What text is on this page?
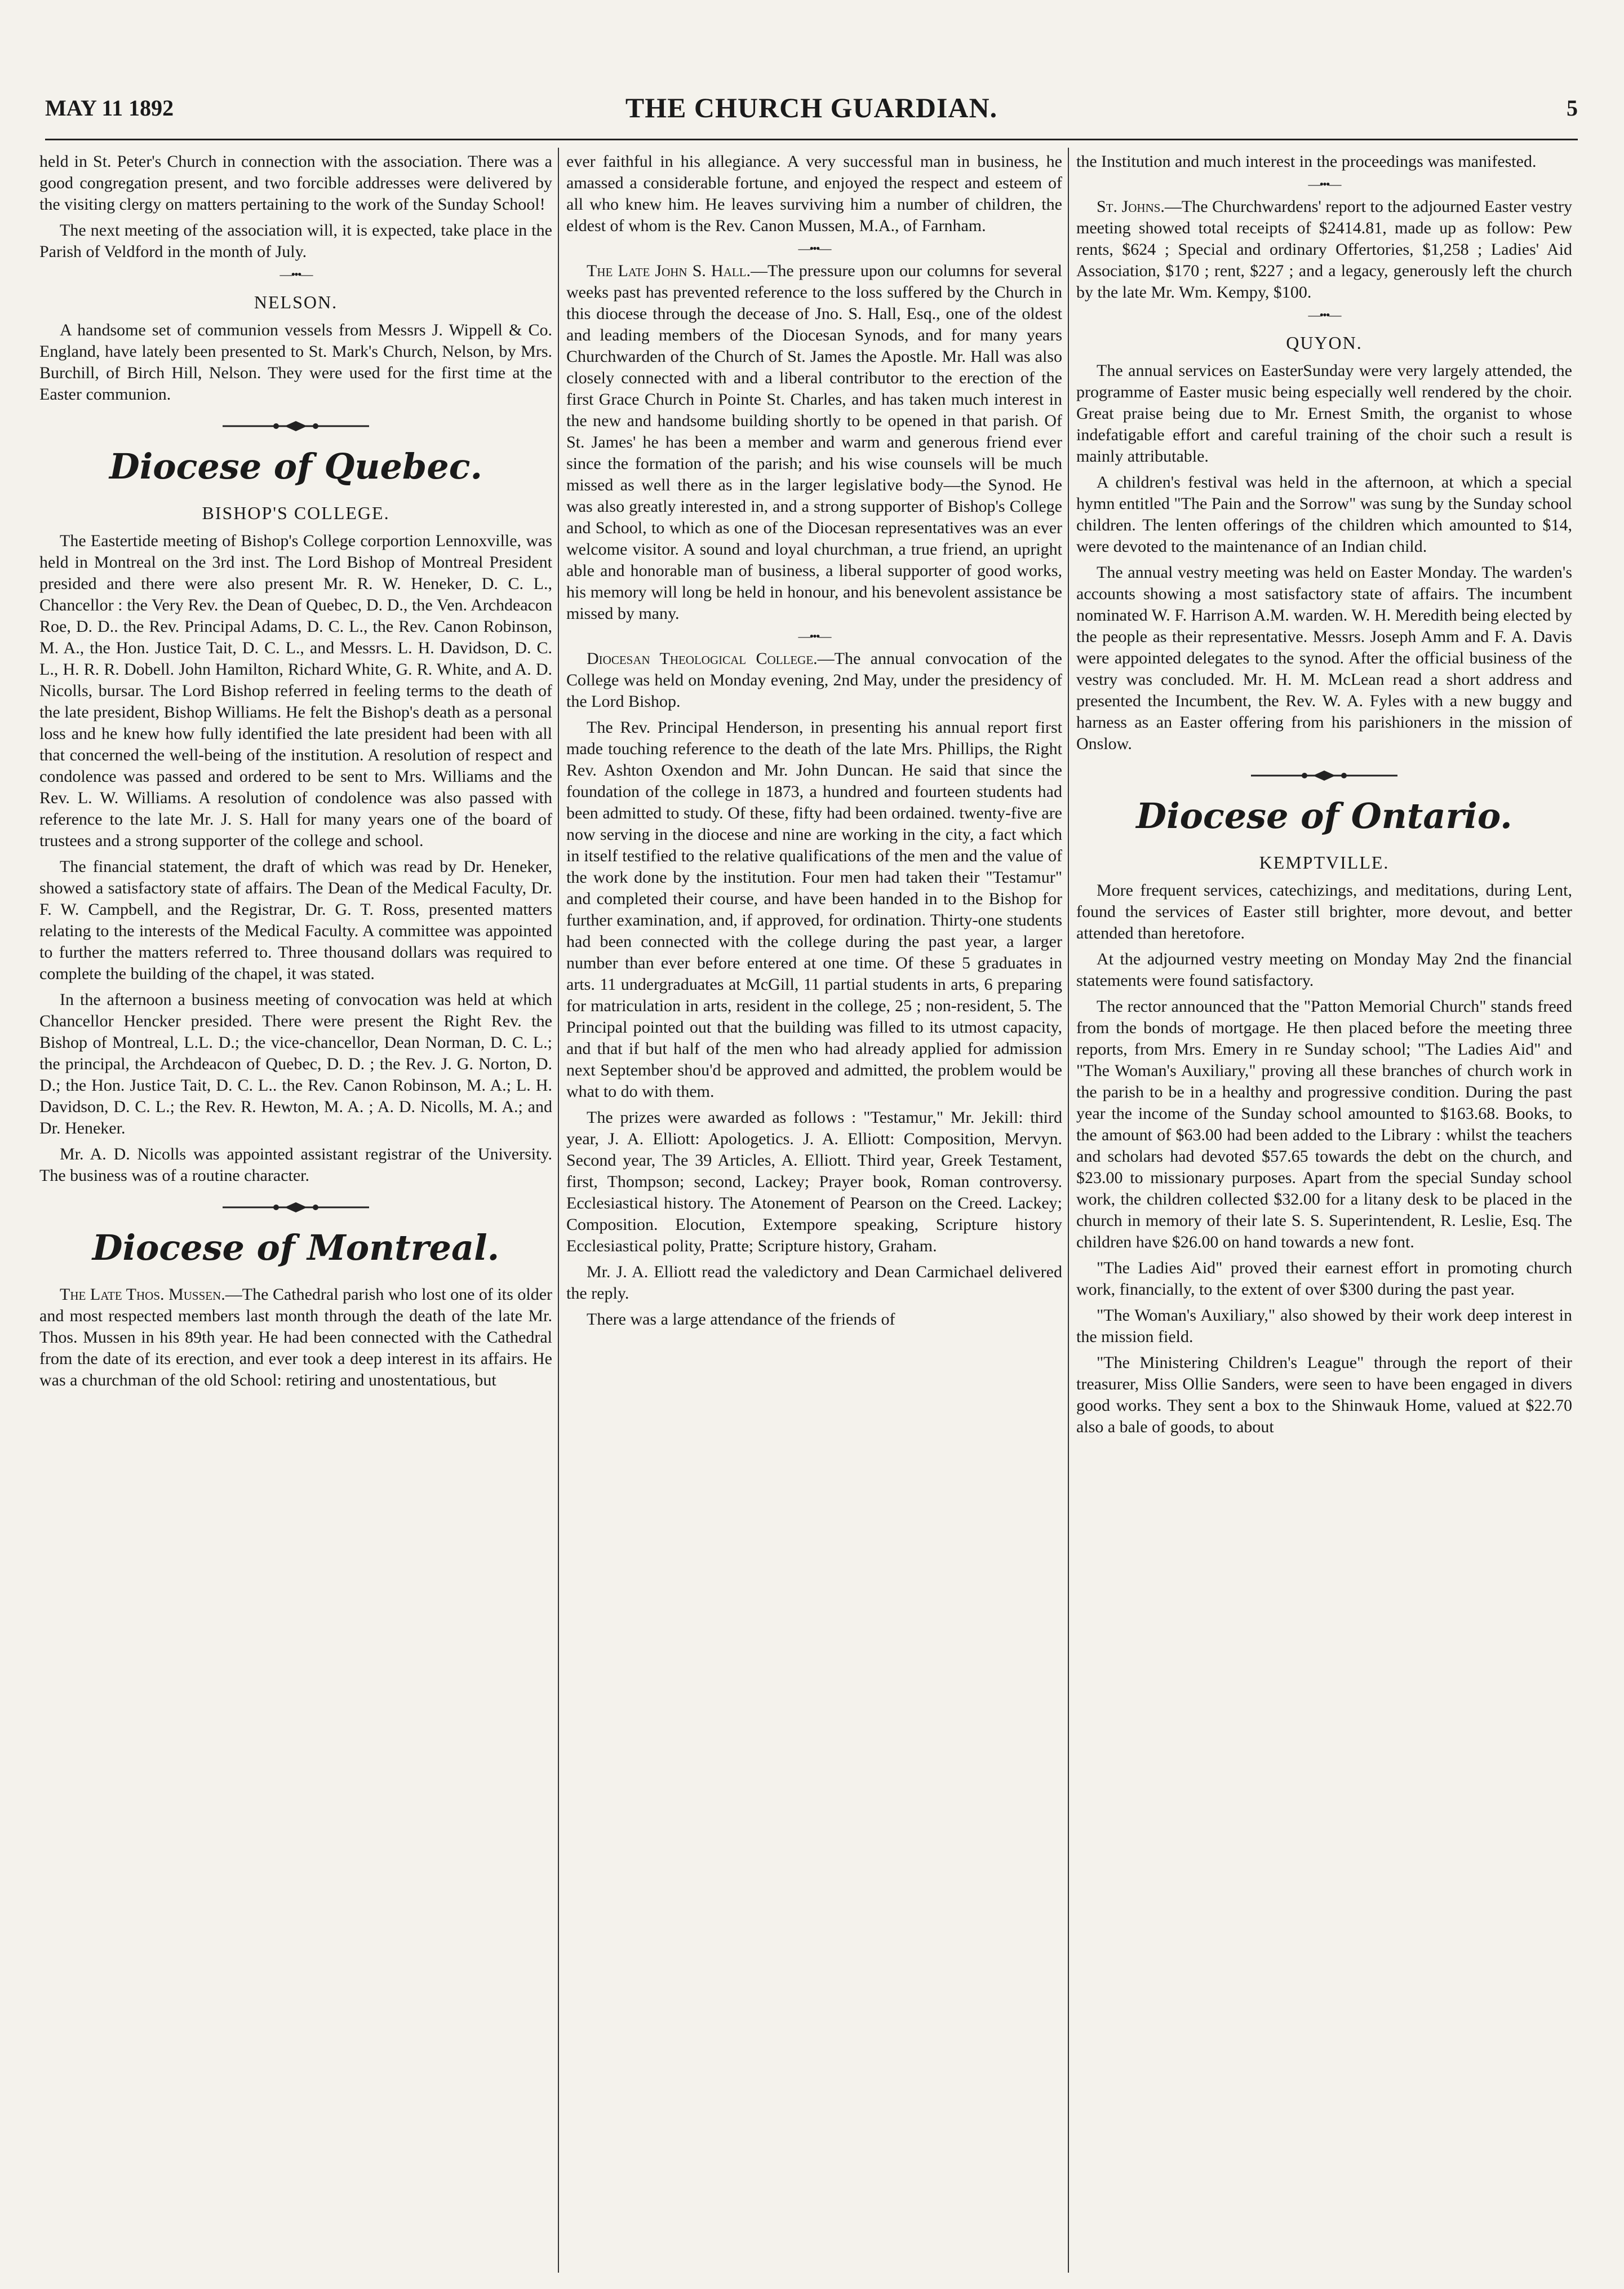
MAY 11 1892	THE CHURCH GUARDIAN.	5

held in St. Peter's Church in connection with the association. There was a good congregation present, and two forcible addresses were delivered by the visiting clergy on matters pertaining to the work of the Sunday School!

The next meeting of the association will, it is expected, take place in the Parish of Veldford in the month of July.

—•••—
NELSON.

A handsome set of communion vessels from Messrs J. Wippell & Co. England, have lately been presented to St. Mark's Church, Nelson, by Mrs. Burchill, of Birch Hill, Nelson. They were used for the first time at the Easter communion.

Diocese of Quebec.
BISHOP'S COLLEGE.

The Eastertide meeting of Bishop's College corportion Lennoxville, was held in Montreal on the 3rd inst. The Lord Bishop of Montreal President presided and there were also present Mr. R. W. Heneker, D. C. L., Chancellor : the Very Rev. the Dean of Quebec, D. D., the Ven. Archdeacon Roe, D. D.. the Rev. Principal Adams, D. C. L., the Rev. Canon Robinson, M. A., the Hon. Justice Tait, D. C. L., and Messrs. L. H. Davidson, D. C. L., H. R. R. Dobell. John Hamilton, Richard White, G. R. White, and A. D. Nicolls, bursar. The Lord Bishop referred in feeling terms to the death of the late president, Bishop Williams. He felt the Bishop's death as a personal loss and he knew how fully identified the late president had been with all that concerned the well-being of the institution. A resolution of respect and condolence was passed and ordered to be sent to Mrs. Williams and the Rev. L. W. Williams. A resolution of condolence was also passed with reference to the late Mr. J. S. Hall for many years one of the board of trustees and a strong supporter of the college and school.

The financial statement, the draft of which was read by Dr. Heneker, showed a satisfactory state of affairs. The Dean of the Medical Faculty, Dr. F. W. Campbell, and the Registrar, Dr. G. T. Ross, presented matters relating to the interests of the Medical Faculty. A committee was appointed to further the matters referred to. Three thousand dollars was required to complete the building of the chapel, it was stated.

In the afternoon a business meeting of convocation was held at which Chancellor Hencker presided. There were present the Right Rev. the Bishop of Montreal, L.L. D.; the vice-chancellor, Dean Norman, D. C. L.; the principal, the Archdeacon of Quebec, D. D. ; the Rev. J. G. Norton, D. D.; the Hon. Justice Tait, D. C. L.. the Rev. Canon Robinson, M. A.; L. H. Davidson, D. C. L.; the Rev. R. Hewton, M. A. ; A. D. Nicolls, M. A.; and Dr. Heneker.

Mr. A. D. Nicolls was appointed assistant registrar of the University. The business was of a routine character.

Diocese of Montreal.

The Late Thos. Mussen.—The Cathedral parish who lost one of its older and most respected members last month through the death of the late Mr. Thos. Mussen in his 89th year. He had been connected with the Cathedral from the date of its erection, and ever took a deep interest in its affairs. He was a churchman of the old School: retiring and unostentatious, but

ever faithful in his allegiance. A very successful man in business, he amassed a considerable fortune, and enjoyed the respect and esteem of all who knew him. He leaves surviving him a number of children, the eldest of whom is the Rev. Canon Mussen, M.A., of Farnham.

—•••—

The Late John S. Hall.—The pressure upon our columns for several weeks past has prevented reference to the loss suffered by the Church in this diocese through the decease of Jno. S. Hall, Esq., one of the oldest and leading members of the Diocesan Synods, and for many years Churchwarden of the Church of St. James the Apostle. Mr. Hall was also closely connected with and a liberal contributor to the erection of the first Grace Church in Pointe St. Charles, and has taken much interest in the new and handsome building shortly to be opened in that parish. Of St. James' he has been a member and warm and generous friend ever since the formation of the parish; and his wise counsels will be much missed as well there as in the larger legislative body—the Synod. He was also greatly interested in, and a strong supporter of Bishop's College and School, to which as one of the Diocesan representatives was an ever welcome visitor. A sound and loyal churchman, a true friend, an upright able and honorable man of business, a liberal supporter of good works, his memory will long be held in honour, and his benevolent assistance be missed by many.

—•••—

Diocesan Theological College.—The annual convocation of the College was held on Monday evening, 2nd May, under the presidency of the Lord Bishop.

The Rev. Principal Henderson, in presenting his annual report first made touching reference to the death of the late Mrs. Phillips, the Right Rev. Ashton Oxendon and Mr. John Duncan. He said that since the foundation of the college in 1873, a hundred and fourteen students had been admitted to study. Of these, fifty had been ordained. twenty-five are now serving in the diocese and nine are working in the city, a fact which in itself testified to the relative qualifications of the men and the value of the work done by the institution. Four men had taken their "Testamur" and completed their course, and have been handed in to the Bishop for further examination, and, if approved, for ordination. Thirty-one students had been connected with the college during the past year, a larger number than ever before entered at one time. Of these 5 graduates in arts. 11 undergraduates at McGill, 11 partial students in arts, 6 preparing for matriculation in arts, resident in the college, 25 ; non-resident, 5. The Principal pointed out that the building was filled to its utmost capacity, and that if but half of the men who had already applied for admission next September shou'd be approved and admitted, the problem would be what to do with them.

The prizes were awarded as follows : "Testamur," Mr. Jekill: third year, J. A. Elliott: Apologetics. J. A. Elliott: Composition, Mervyn. Second year, The 39 Articles, A. Elliott. Third year, Greek Testament, first, Thompson; second, Lackey; Prayer book, Roman controversy. Ecclesiastical history. The Atonement of Pearson on the Creed. Lackey; Composition. Elocution, Extempore speaking, Scripture history Ecclesiastical polity, Pratte; Scripture history, Graham.

Mr. J. A. Elliott read the valedictory and Dean Carmichael delivered the reply.

There was a large attendance of the friends of

the Institution and much interest in the proceedings was manifested.

—•••—

St. Johns.—The Churchwardens' report to the adjourned Easter vestry meeting showed total receipts of $2414.81, made up as follow: Pew rents, $624 ; Special and ordinary Offertories, $1,258 ; Ladies' Aid Association, $170 ; rent, $227 ; and a legacy, generously left the church by the late Mr. Wm. Kempy, $100.

—•••—
QUYON.

The annual services on EasterSunday were very largely attended, the programme of Easter music being especially well rendered by the choir. Great praise being due to Mr. Ernest Smith, the organist to whose indefatigable effort and careful training of the choir such a result is mainly attributable.

A children's festival was held in the afternoon, at which a special hymn entitled "The Pain and the Sorrow" was sung by the Sunday school children. The lenten offerings of the children which amounted to $14, were devoted to the maintenance of an Indian child.

The annual vestry meeting was held on Easter Monday. The warden's accounts showing a most satisfactory state of affairs. The incumbent nominated W. F. Harrison A.M. warden. W. H. Meredith being elected by the people as their representative. Messrs. Joseph Amm and F. A. Davis were appointed delegates to the synod. After the official business of the vestry was concluded. Mr. H. M. McLean read a short address and presented the Incumbent, the Rev. W. A. Fyles with a new buggy and harness as an Easter offering from his parishioners in the mission of Onslow.

Diocese of Ontario.
KEMPTVILLE.

More frequent services, catechizings, and meditations, during Lent, found the services of Easter still brighter, more devout, and better attended than heretofore.

At the adjourned vestry meeting on Monday May 2nd the financial statements were found satisfactory.

The rector announced that the "Patton Memorial Church" stands freed from the bonds of mortgage. He then placed before the meeting three reports, from Mrs. Emery in re Sunday school; "The Ladies Aid" and "The Woman's Auxiliary," proving all these branches of church work in the parish to be in a healthy and progressive condition. During the past year the income of the Sunday school amounted to $163.68. Books, to the amount of $63.00 had been added to the Library : whilst the teachers and scholars had devoted $57.65 towards the debt on the church, and $23.00 to missionary purposes. Apart from the special Sunday school work, the children collected $32.00 for a litany desk to be placed in the church in memory of their late S. S. Superintendent, R. Leslie, Esq. The children have $26.00 on hand towards a new font.

"The Ladies Aid" proved their earnest effort in promoting church work, financially, to the extent of over $300 during the past year.

"The Woman's Auxiliary," also showed by their work deep interest in the mission field.

"The Ministering Children's League" through the report of their treasurer, Miss Ollie Sanders, were seen to have been engaged in divers good works. They sent a box to the Shinwauk Home, valued at $22.70 also a bale of goods, to about
